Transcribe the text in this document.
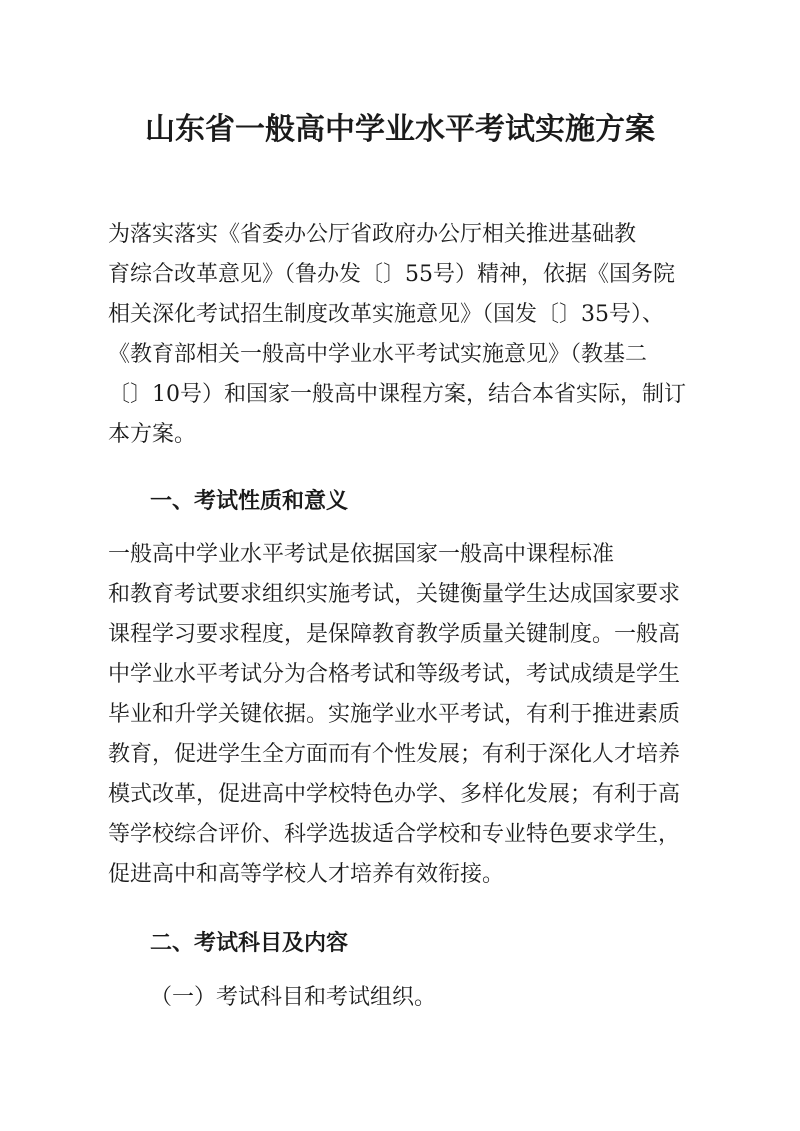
山东省一般高中学业水平考试实施方案

为落实落实《省委办公厅省政府办公厅相关推进基础教
育综合改革意见》（鲁办发〔〕55号）精神，依据《国务院
相关深化考试招生制度改革实施意见》（国发〔〕35号）、
《教育部相关一般高中学业水平考试实施意见》（教基二
〔〕10号）和国家一般高中课程方案，结合本省实际，制订
本方案。

一、考试性质和意义

一般高中学业水平考试是依据国家一般高中课程标准
和教育考试要求组织实施考试，关键衡量学生达成国家要求
课程学习要求程度，是保障教育教学质量关键制度。一般高
中学业水平考试分为合格考试和等级考试，考试成绩是学生
毕业和升学关键依据。实施学业水平考试，有利于推进素质
教育，促进学生全方面而有个性发展；有利于深化人才培养
模式改革，促进高中学校特色办学、多样化发展；有利于高
等学校综合评价、科学选拔适合学校和专业特色要求学生，
促进高中和高等学校人才培养有效衔接。

二、考试科目及内容

（一）考试科目和考试组织。
